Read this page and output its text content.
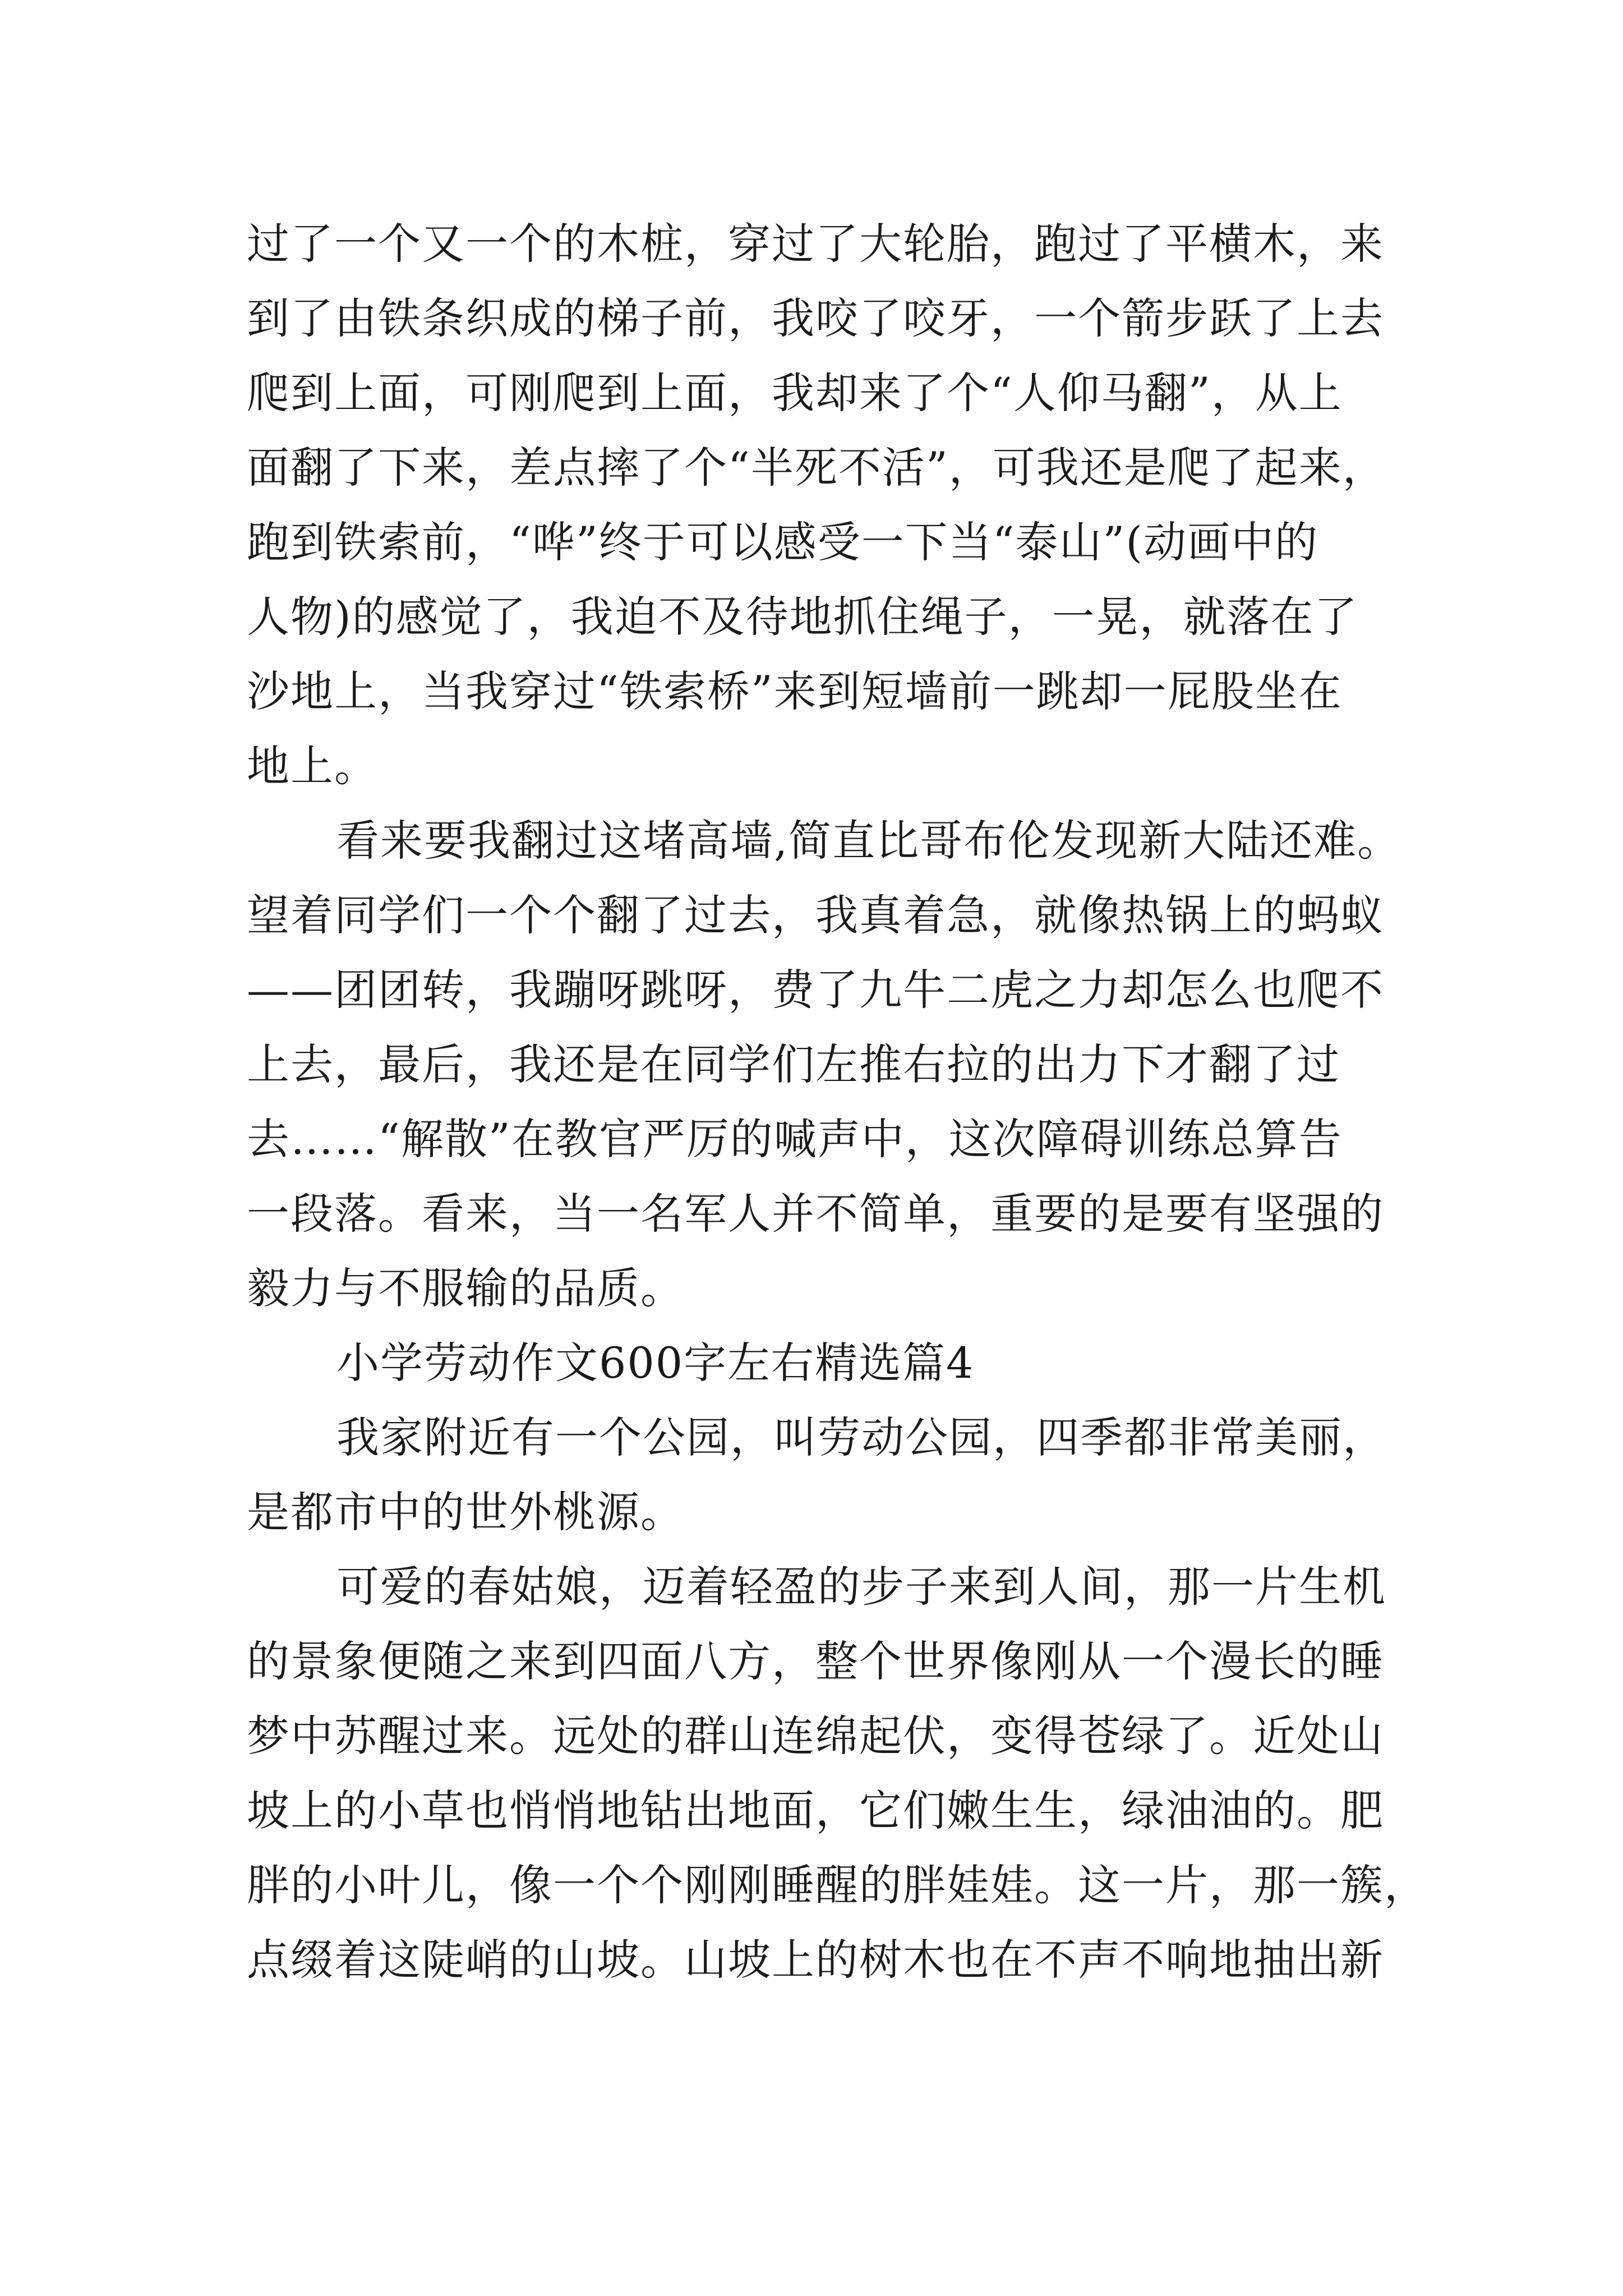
过了一个又一个的木桩，穿过了大轮胎，跑过了平横木，来
到了由铁条织成的梯子前，我咬了咬牙，一个箭步跃了上去
爬到上面，可刚爬到上面，我却来了个“人仰马翻”，从上
面翻了下来，差点摔了个“半死不活”，可我还是爬了起来，
跑到铁索前，“哗”终于可以感受一下当“泰山”(动画中的
人物)的感觉了，我迫不及待地抓住绳子，一晃，就落在了
沙地上，当我穿过“铁索桥”来到短墙前一跳却一屁股坐在
地上。
看来要我翻过这堵高墙,简直比哥布伦发现新大陆还难。
望着同学们一个个翻了过去，我真着急，就像热锅上的蚂蚁
——团团转，我蹦呀跳呀，费了九牛二虎之力却怎么也爬不
上去，最后，我还是在同学们左推右拉的出力下才翻了过
去……“解散”在教官严厉的喊声中，这次障碍训练总算告
一段落。看来，当一名军人并不简单，重要的是要有坚强的
毅力与不服输的品质。
小学劳动作文600字左右精选篇4
我家附近有一个公园，叫劳动公园，四季都非常美丽，
是都市中的世外桃源。
可爱的春姑娘，迈着轻盈的步子来到人间，那一片生机
的景象便随之来到四面八方，整个世界像刚从一个漫长的睡
梦中苏醒过来。远处的群山连绵起伏，变得苍绿了。近处山
坡上的小草也悄悄地钻出地面，它们嫩生生，绿油油的。肥
胖的小叶儿，像一个个刚刚睡醒的胖娃娃。这一片，那一簇，
点缀着这陡峭的山坡。山坡上的树木也在不声不响地抽出新
